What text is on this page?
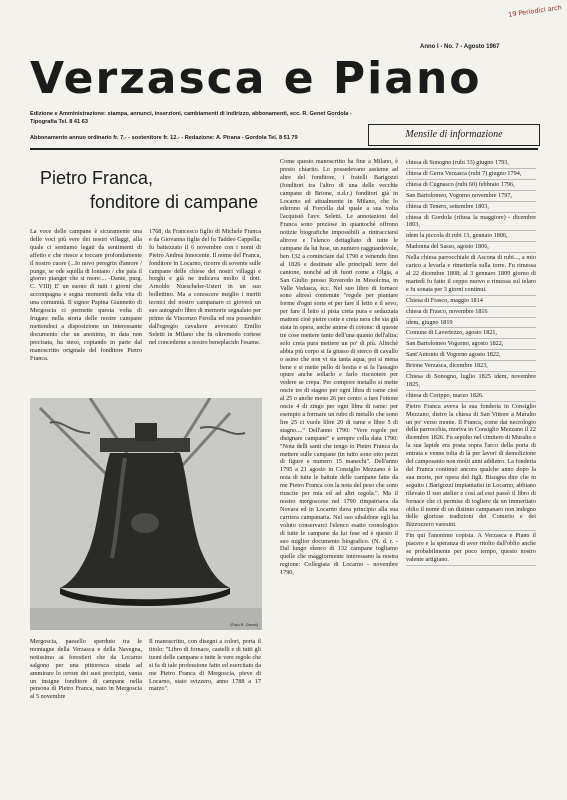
19 Periodici arch
Anno I - No. 7 - Agosto 1967
Verzasca e Piano
Edizione e Amministrazione: stampa, annunci, inserzioni, cambiamenti di indirizzo, abbonamenti, ecc. R. Genet Gordola - Tipografia Tel. 8 41 63
Abbonamento annuo ordinario fr. 7.- - sostenitore fr. 12.- - Redazione: A. Pirana - Gordola Tel. 8 51 79	Mensile di informazione
Pietro Franca,
fonditore di campane

La voce delle campane è sicuramente una delle voci più vere dei nostri villaggi, alla quale ci sentiamo legati da sentimenti di affetto e che riesce a toccare profondamente il nostro cuore (...Io novo peregrin d'amore / punge, se ode squilla di lontano / che paia il giorno pianger che si more:... -Dante, purg. C. VIII) E' un suono di tutti i giorni che accompagna e segna momenti della vita di una comunità. Il signor Papina Giannetto di Mergoscia ci permette questa volta di frugare nella storia delle nostre campane mettendoci a disposizione un interessante documento che un anonimo, in data non precisata, ha steso, copiando in parte dal manoscritto originale del fonditore Pietro Franca.

1768, da Francesco figlio di Michele Franca e da Giovanna figlia del fu Taddeo Cappella; fu battezzato il 6 novembre con i nomi di Pietro Andrea Innocente. Il nome del Franca, fonditore in Locarno, ricorre di sovente sulle campane delle chiese dei nostri villaggi e borghi e già ne indicava molto il dott. Arnoldo Nuescheler-Usteri in un suo bollettino. Ma a conoscere meglio i meriti tecnici del nostro campanaro ci gioverà un suo autografo libro di memorie segnalato per primo da Vincenzo Ferolla ed ora posseduto dall'egregio cavaliere avvocato Emilio Seletti in Milano che fu oltremodo cortese nel concederne a nostro beneplacido l'esame.

Come questo manoscritto ha fine a Milano, è presto chiarito. Lo possedevano assieme ad altre del fonditore, i fratelli Barigozzi (fonditori tra l'altro di una delle vecchie campane di Brione, n.d.r.) fonditori già in Locarno ed attualmente in Milano, che lo ederono al Forcella dal quale a sua volta l'acquistò l'avv. Seletti. Le annotazioni del Franca sono preziose in quantoché offrono notizie biografiche impossibili a rintracciarsi altrove e l'elenco dettagliato di tutte le campane da lui fuse, un numero ragguardevole, ben 132 a cominciare dal 1790 e venendo fino al 1826 e destinate alle principali terre del cantone, nonché ad di fuori come a Olgia, a San Giulio presso Roveredo in Mesolcina, in Valle Vedasca, ecc. Nel suo libro di fornace sono altresì contenute "regole per piantare forme d'ogni sorte et per fare il letto e il sevo; per fare il letto si pista creta pura e sedazzata mattoni cioè pietre cotte e creta nera che sia già stata in opera, anche anime di cotone: di queste tre cose mettere tanto dell'una quanto dell'altra; solo creta pura mettere un po' di più. Alinchè abbia più corpo si fa giusso di sterco di cavallo o asino che non vi sia tanta aqua, poi si mena bene e si mette pello di bestia e si fa l'assagio opure anche sollarlo e farlo riscuotere per vedere se crepa. Per compore metallo si mette oncie tre di stagno per ogni libra di rame cioè al 25 o anche meno 26 per cento: a fare l'ottone oncie 4 di zingo per ogni libra di rame: per esempio a formare un rubo di metallo che sono lire 25 ci vuole libre 20 di rame e libre 5 di stagno...." Dell'anno 1790: "Vere regole per disignare campane" e sempre colla data 1790: "Nota delli santi che tengo io Pietro Franca da mettere sulle campane (in tutto sono otto pezzi di figure e numero 15 manechi". Dell'anno 1795 a 21 agosto in Consiglio Mezzano è la nota di tutte le battute delle campane fatte da me Pietro Franca con la nota del peso che sono riuscite per mia ed ad altri regola.". Ma il nostro mergoscese nel 1790 rimpatriava da Novara ed in Locarno dava principio alla sua carriera campanaria. Nel suo sibaldone egli ha voluto conservarci l'elenco esatto cronologico di tutte le campane da lui fuse ed è questo il suo miglior documento biografico. (N. d. r. - Dal lungo elenco di 132 campane togliamo quelle che maggiormente interessano la nostra regione: Collegiata di Locarno - novembre 1790,

chiesa di Sonogno (rubi 33) giugno 1793,

chiesa di Gerra Verzasca (rubi 7) giugno 1794,

chiesa di Cugnasco (rubi 60) febbraio 1796,

San Bartolomeo, Vogorno novembre 1797,

chiesa di Tenero, settembre 1803,

chiesa di Gordola (rifusa la maggiore) - dicembre 1803,

idem la piccola di rubi 13, gennaio 1806,

Madonna del Sasso, agosto 1806,

Nella chiesa parrocchiale di Ascona di rubi..., a mio carico a levarla e rimetterla sulla torre. Fu rimessa al 22 dicembre 1808; al 3 gennaro 1809 giorno di martedì fu fatto il ceppo nuovo e rimessa sul telaro e fu sonata per 3 giorni continui.

Chiesa di Frasco, maggio 1814

chiesa di Frasco, novembre 1816

idem, giugno 1819

Comune di Lavertezzo, agosto 1821,

San Bartolomeo Vogorno, agosto 1822,

Sant'Antonio di Vogorno agosto 1822,

Brione Verzasca, dicembre 1823,

Chiesa di Sonogno, luglio 1825 idem, novembre 1825,

chiesa di Corippo, marzo 1826.

Pietro Franca aveva la sua fonderia in Consiglio Mezzano, dietro la chiesa di San Vittore a Muralto un po' verso monte. Il Franca, come dai necrologio della parrocchia, moriva in Consiglio Mezzano il 22 dicembre 1826. Fu sepolto nel cimitero di Muralto e la sua lapide era posta sopra l'arco della porta di entrata e venne tolta di là per lavori di demolizione del camposanto non molti anni addietro. La fonderia del Franca continuò ancora qualche anno dopo la sua morte, per opera del figli. Bisogna dire che in seguito i Barigozzi impiantatisi in Locarno, abbiano rilevato il suo atelier e così ad essi passò il libro di fornace che ci permise di togliere da un immeritato oblio il nome di un distinto campanaro non indegno delle gloriose tradizioni dei Comerio e dei Bizzozzero varesini.

Fin qui l'anonimo copista. A Verzasca e Piano il piacere e la speranza di aver ritolto dall'oblio anche se probabilmente per poco tempo, questo nostro valente artigiano.

(Foto R. Genet)

Mergoscia, paesello sperduto tra le montagne della Verzasca e della Navegna, notissimo ai forestieri che da Locarno salgono per una pittoresca strada ad ammirare lo orrore dei suoi precipizi, vanta un insigne fonditore di campane nella persona di Pietro Franca, nato in Mergoscia al 5 novembre

Il manoscritto, con disegni a colori, porta il titolo: "Libro di fornace, castelli e di tutti gli tuoni delle campane e tutte le vere regole che si fa di tale professione fatto ed esercitato da me Pietro Franca di Mergoscia, pieve di Locarno, stato svizzero, anno 1788 a 17 marzo".
